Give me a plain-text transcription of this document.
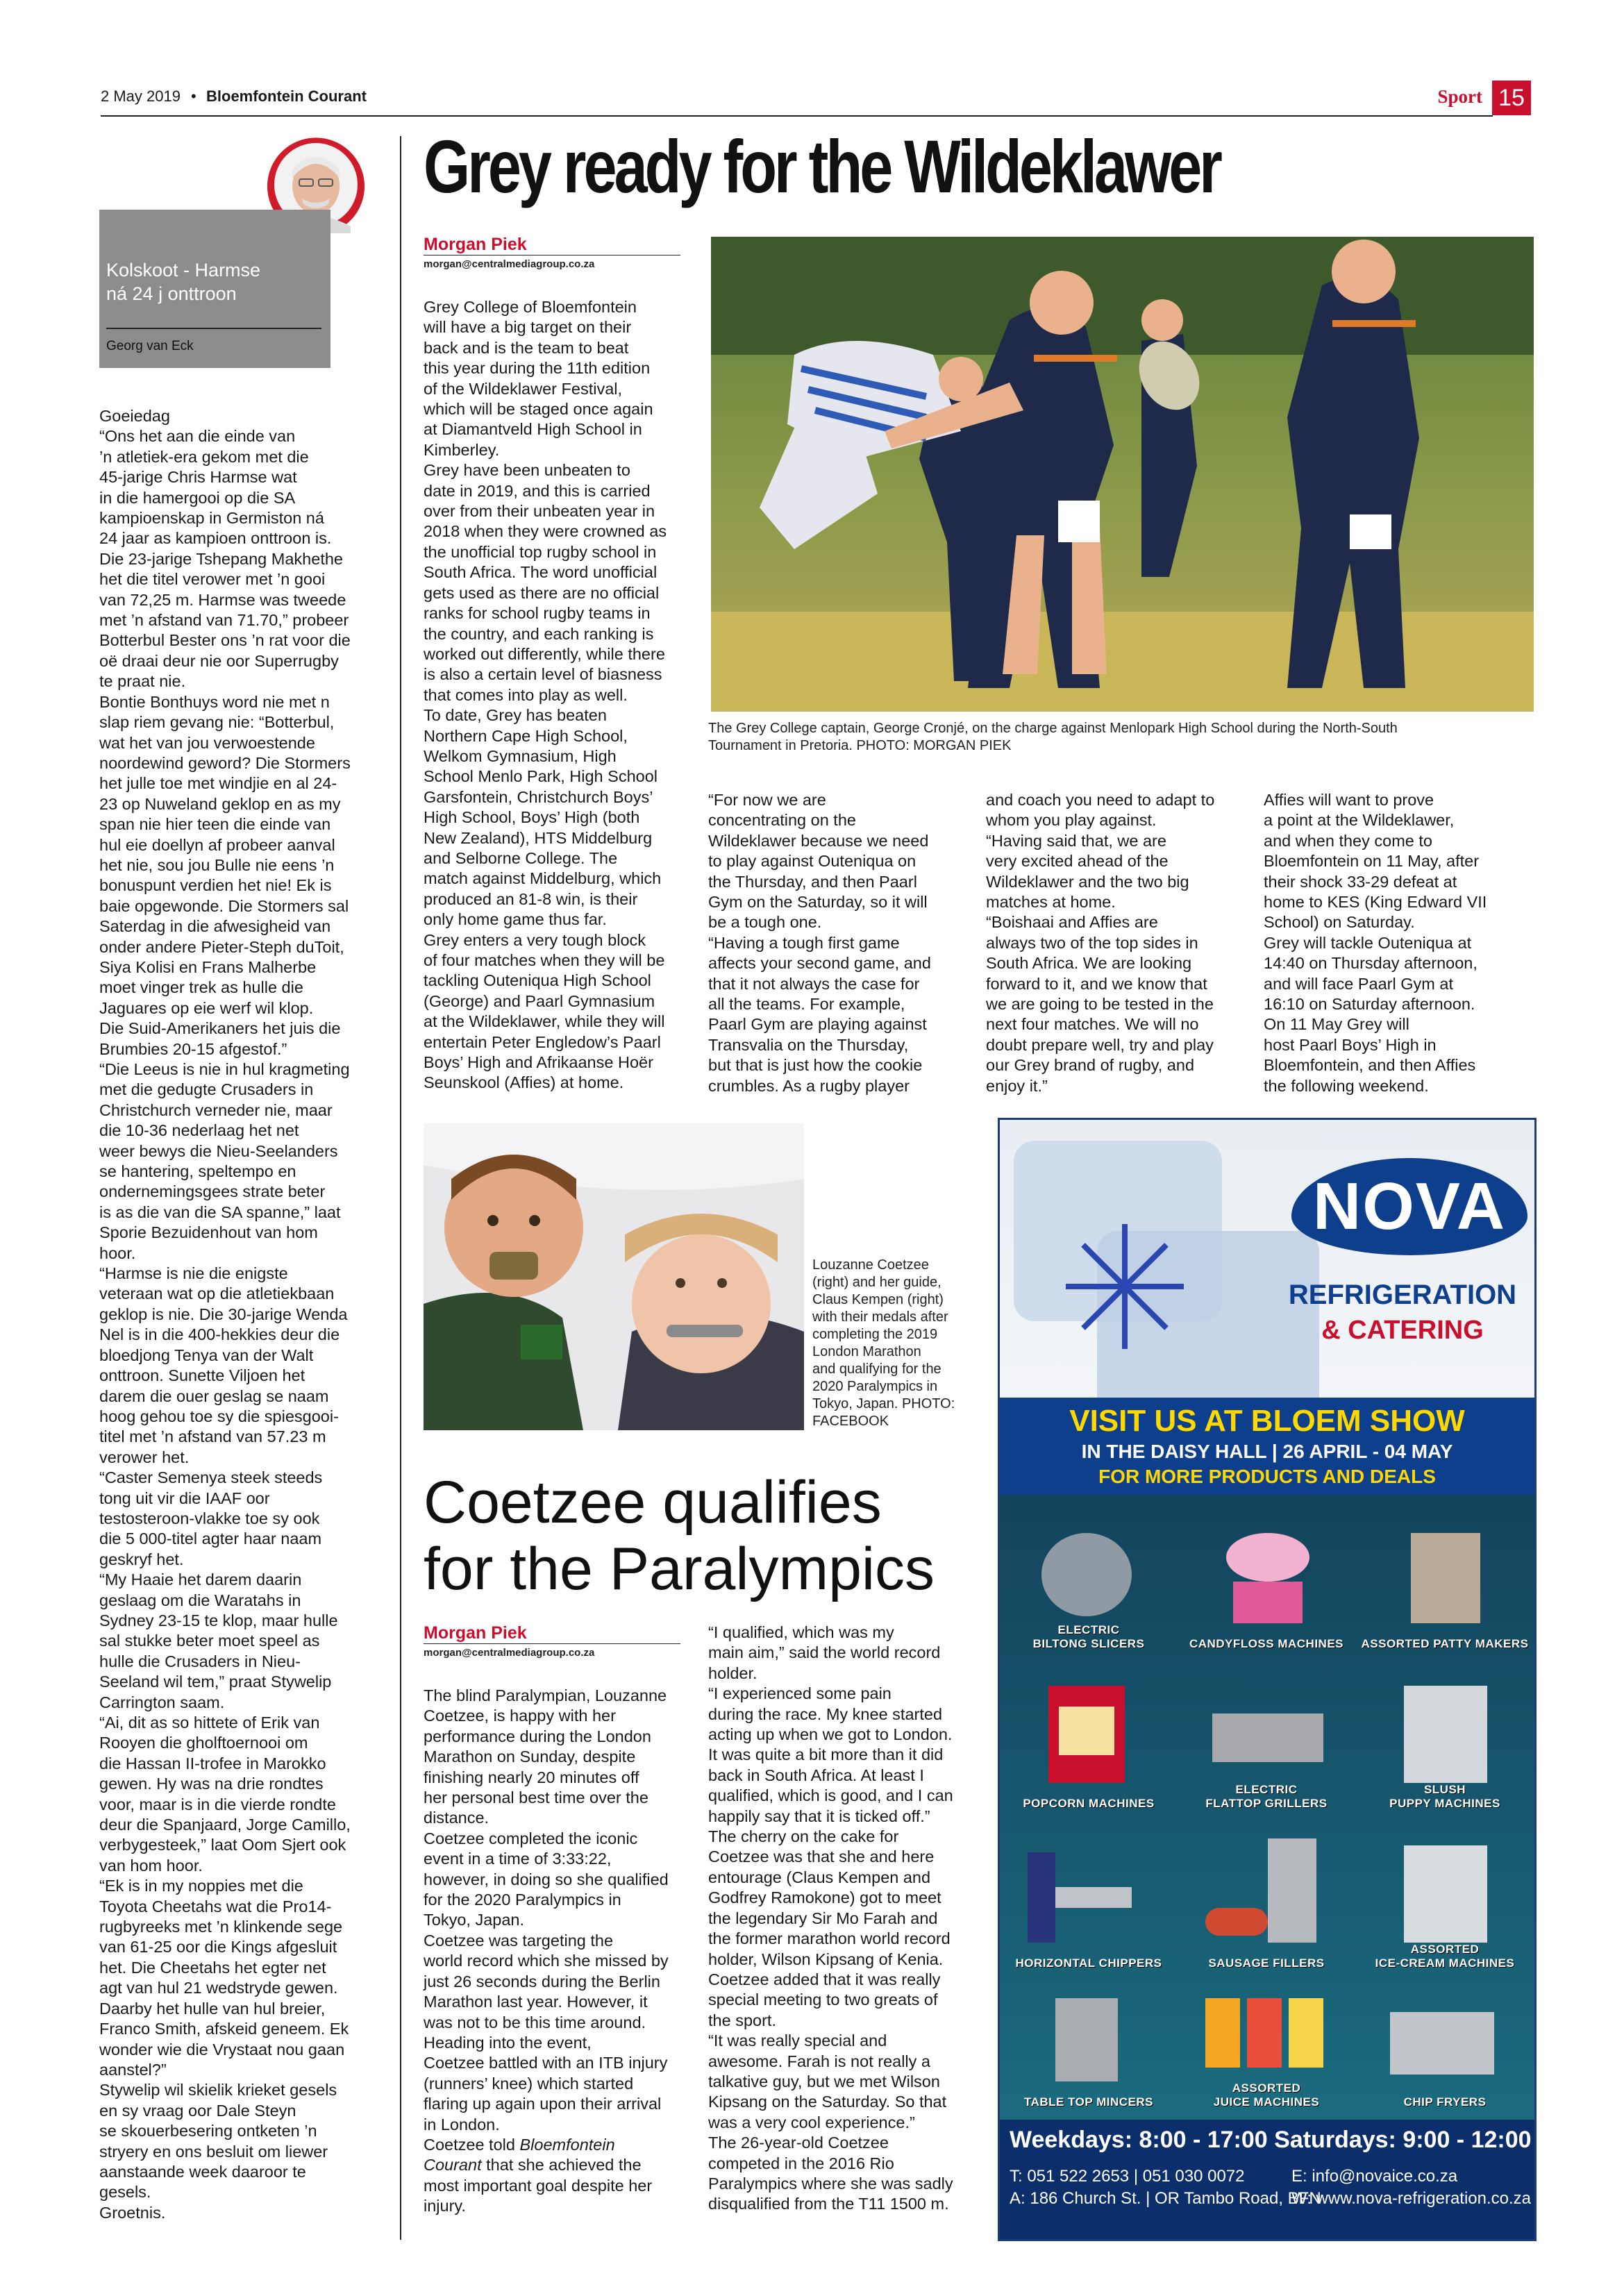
2 May 2019 • Bloemfontein Courant	Sport 15
Kolskoot - Harmse
ná 24 j onttroon
Georg van Eck
Goeiedag
“Ons het aan die einde van
’n atletiek-era gekom met die
45-jarige Chris Harmse wat
in die hamergooi op die SA
kampioenskap in Germiston ná
24 jaar as kampioen onttroon is.
Die 23-jarige Tshepang Makhethe
het die titel verower met ’n gooi
van 72,25 m. Harmse was tweede
met ’n afstand van 71.70,” probeer
Botterbul Bester ons ’n rat voor die
oë draai deur nie oor Superrugby
te praat nie.
Bontie Bonthuys word nie met n
slap riem gevang nie: “Botterbul,
wat het van jou verwoestende
noordewind geword? Die Stormers
het julle toe met windjie en al 24-
23 op Nuweland geklop en as my
span nie hier teen die einde van
hul eie doellyn af probeer aanval
het nie, sou jou Bulle nie eens ’n
bonuspunt verdien het nie! Ek is
baie opgewonde. Die Stormers sal
Saterdag in die afwesigheid van
onder andere Pieter-Steph duToit,
Siya Kolisi en Frans Malherbe
moet vinger trek as hulle die
Jaguares op eie werf wil klop.
Die Suid-Amerikaners het juis die
Brumbies 20-15 afgestof.”
“Die Leeus is nie in hul kragmeting
met die gedugte Crusaders in
Christchurch verneder nie, maar
die 10-36 nederlaag het net
weer bewys die Nieu-Seelanders
se hantering, speltempo en
ondernemingsgees strate beter
is as die van die SA spanne,” laat
Sporie Bezuidenhout van hom
hoor.
“Harmse is nie die enigste
veteraan wat op die atletiekbaan
geklop is nie. Die 30-jarige Wenda
Nel is in die 400-hekkies deur die
bloedjong Tenya van der Walt
onttroon. Sunette Viljoen het
darem die ouer geslag se naam
hoog gehou toe sy die spiesgooi-
titel met ’n afstand van 57.23 m
verower het.
“Caster Semenya steek steeds
tong uit vir die IAAF oor
testosteroon-vlakke toe sy ook
die 5 000-titel agter haar naam
geskryf het.
“My Haaie het darem daarin
geslaag om die Waratahs in
Sydney 23-15 te klop, maar hulle
sal stukke beter moet speel as
hulle die Crusaders in Nieu-
Seeland wil tem,” praat Stywelip
Carrington saam.
“Ai, dit as so hittete of Erik van
Rooyen die gholftoernooi om
die Hassan II-trofee in Marokko
gewen. Hy was na drie rondtes
voor, maar is in die vierde rondte
deur die Spanjaard, Jorge Camillo,
verbygesteek,” laat Oom Sjert ook
van hom hoor.
“Ek is in my noppies met die
Toyota Cheetahs wat die Pro14-
rugbyreeks met ’n klinkende sege
van 61-25 oor die Kings afgesluit
het. Die Cheetahs het egter net
agt van hul 21 wedstryde gewen.
Daarby het hulle van hul breier,
Franco Smith, afskeid geneem. Ek
wonder wie die Vrystaat nou gaan
aanstel?”
Stywelip wil skielik krieket gesels
en sy vraag oor Dale Steyn
se skouerbesering ontketen ’n
stryery en ons besluit om liewer
aanstaande week daaroor te
gesels.
Groetnis.
Grey ready for the Wildeklawer
Morgan Piek
morgan@centralmediagroup.co.za
Grey College of Bloemfontein
will have a big target on their
back and is the team to beat
this year during the 11th edition
of the Wildeklawer Festival,
which will be staged once again
at Diamantveld High School in
Kimberley.
Grey have been unbeaten to
date in 2019, and this is carried
over from their unbeaten year in
2018 when they were crowned as
the unofficial top rugby school in
South Africa. The word unofficial
gets used as there are no official
ranks for school rugby teams in
the country, and each ranking is
worked out differently, while there
is also a certain level of biasness
that comes into play as well.
To date, Grey has beaten
Northern Cape High School,
Welkom Gymnasium, High
School Menlo Park, High School
Garsfontein, Christchurch Boys’
High School, Boys’ High (both
New Zealand), HTS Middelburg
and Selborne College. The
match against Middelburg, which
produced an 81-8 win, is their
only home game thus far.
Grey enters a very tough block
of four matches when they will be
tackling Outeniqua High School
(George) and Paarl Gymnasium
at the Wildeklawer, while they will
entertain Peter Engledow’s Paarl
Boys’ High and Afrikaanse Hoër
Seunskool (Affies) at home.
The Grey College captain, George Cronjé, on the charge against Menlopark High School during the North-South
Tournament in Pretoria. PHOTO: MORGAN PIEK
“For now we are
concentrating on the
Wildeklawer because we need
to play against Outeniqua on
the Thursday, and then Paarl
Gym on the Saturday, so it will
be a tough one.
“Having a tough first game
affects your second game, and
that it not always the case for
all the teams. For example,
Paarl Gym are playing against
Transvalia on the Thursday,
but that is just how the cookie
crumbles. As a rugby player
and coach you need to adapt to
whom you play against.
“Having said that, we are
very excited ahead of the
Wildeklawer and the two big
matches at home.
“Boishaai and Affies are
always two of the top sides in
South Africa. We are looking
forward to it, and we know that
we are going to be tested in the
next four matches. We will no
doubt prepare well, try and play
our Grey brand of rugby, and
enjoy it.”
Affies will want to prove
a point at the Wildeklawer,
and when they come to
Bloemfontein on 11 May, after
their shock 33-29 defeat at
home to KES (King Edward VII
School) on Saturday.
Grey will tackle Outeniqua at
14:40 on Thursday afternoon,
and will face Paarl Gym at
16:10 on Saturday afternoon.
On 11 May Grey will
host Paarl Boys’ High in
Bloemfontein, and then Affies
the following weekend.
Louzanne Coetzee
(right) and her guide,
Claus Kempen (right)
with their medals after
completing the 2019
London Marathon
and qualifying for the
2020 Paralympics in
Tokyo, Japan. PHOTO:
FACEBOOK
Coetzee qualifies
for the Paralympics
Morgan Piek
morgan@centralmediagroup.co.za
The blind Paralympian, Louzanne
Coetzee, is happy with her
performance during the London
Marathon on Sunday, despite
finishing nearly 20 minutes off
her personal best time over the
distance.
Coetzee completed the iconic
event in a time of 3:33:22,
however, in doing so she qualified
for the 2020 Paralympics in
Tokyo, Japan.
Coetzee was targeting the
world record which she missed by
just 26 seconds during the Berlin
Marathon last year. However, it
was not to be this time around.
Heading into the event,
Coetzee battled with an ITB injury
(runners’ knee) which started
flaring up again upon their arrival
in London.
Coetzee told Bloemfontein
Courant that she achieved the
most important goal despite her
injury.
“I qualified, which was my
main aim,” said the world record
holder.
“I experienced some pain
during the race. My knee started
acting up when we got to London.
It was quite a bit more than it did
back in South Africa. At least I
qualified, which is good, and I can
happily say that it is ticked off.”
The cherry on the cake for
Coetzee was that she and here
entourage (Claus Kempen and
Godfrey Ramokone) got to meet
the legendary Sir Mo Farah and
the former marathon world record
holder, Wilson Kipsang of Kenia.
Coetzee added that it was really
special meeting to two greats of
the sport.
“It was really special and
awesome. Farah is not really a
talkative guy, but we met Wilson
Kipsang on the Saturday. So that
was a very cool experience.”
The 26-year-old Coetzee
competed in the 2016 Rio
Paralympics where she was sadly
disqualified from the T11 1500 m.
NOVA
REFRIGERATION
& CATERING
VISIT US AT BLOEM SHOW
IN THE DAISY HALL | 26 APRIL - 04 MAY
FOR MORE PRODUCTS AND DEALS
ELECTRIC
BILTONG SLICERS	CANDYFLOSS MACHINES	ASSORTED PATTY MAKERS
POPCORN MACHINES
ELECTRIC
FLATTOP GRILLERS
SLUSH
PUPPY MACHINES
HORIZONTAL CHIPPERS	SAUSAGE FILLERS
ASSORTED
ICE-CREAM MACHINES
TABLE TOP MINCERS
ASSORTED
JUICE MACHINES	CHIP FRYERS
Weekdays: 8:00 - 17:00 Saturdays: 9:00 - 12:00
T: 051 522 2653 | 051 030 0072
A: 186 Church St. | OR Tambo Road, BFN
E: info@novaice.co.za
W: www.nova-refrigeration.co.za
